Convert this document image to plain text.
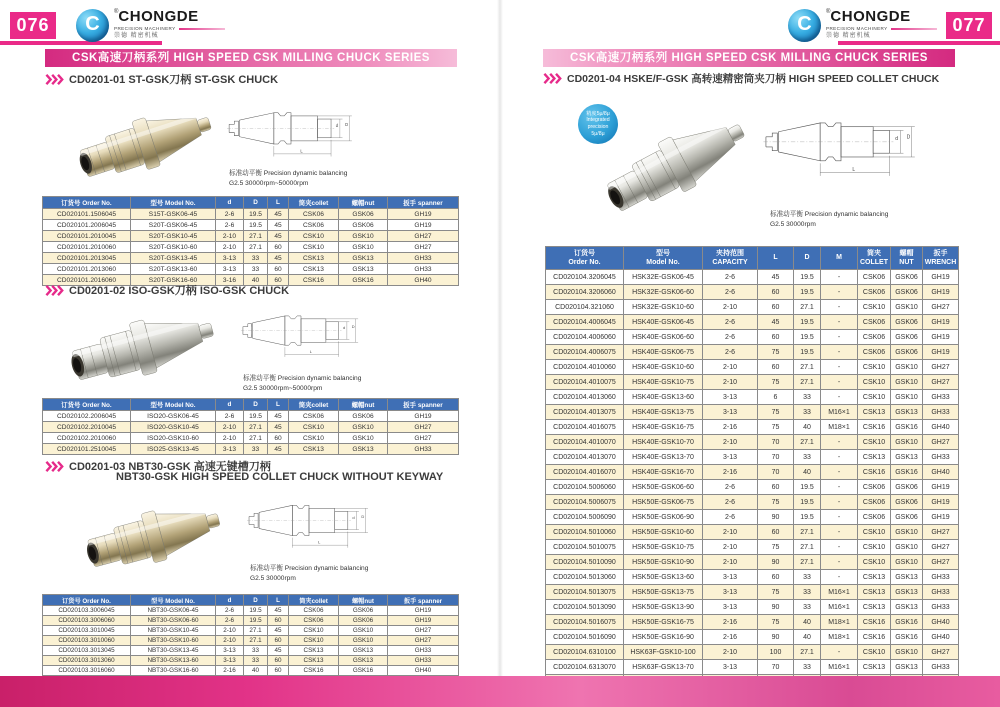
076	C
®CHONGDE
PRECISION MACHINERY
崇德 精密机械
CSK高速刀柄系列 HIGH SPEED CSK MILLING CHUCK SERIES
CD0201-01 ST-GSK刀柄 ST-GSK CHUCK
d D
L
标准动平衡 Precision dynamic balancing
G2.5 30000rpm~50000rpm
订货号 Order No.	型号 Model No.	d	D	L	筒夹collet	螺帽nut	扳手 spanner

CD020101.1506045	S15T-GSK06-45	2-6	19.5	45	CSK06	GSK06	GH19
CD020101.2006045	S20T-GSK06-45	2-6	19.5	45	CSK06	GSK06	GH19
CD020101.2010045	S20T-GSK10-45	2-10	27.1	45	CSK10	GSK10	GH27
CD020101.2010060	S20T-GSK10-60	2-10	27.1	60	CSK10	GSK10	GH27
CD020101.2013045	S20T-GSK13-45	3-13	33	45	CSK13	GSK13	GH33
CD020101.2013060	S20T-GSK13-60	3-13	33	60	CSK13	GSK13	GH33
CD020101.2016060	S20T-GSK16-60	3-16	40	60	CSK16	GSK16	GH40
CD0201-02 ISO-GSK刀柄 ISO-GSK CHUCK
d D
L
标准动平衡 Precision dynamic balancing
G2.5 30000rpm~50000rpm
订货号 Order No.	型号 Model No.	d	D	L	筒夹collet	螺帽nut	扳手 spanner

CD020102.2006045	ISO20-GSK06-45	2-6	19.5	45	CSK06	GSK06	GH19
CD020102.2010045	ISO20-GSK10-45	2-10	27.1	45	CSK10	GSK10	GH27
CD020102.2010060	ISO20-GSK10-60	2-10	27.1	60	CSK10	GSK10	GH27
CD020101.2510045	ISO25-GSK13-45	3-13	33	45	CSK13	GSK13	GH33
CD0201-03 NBT30-GSK 高速无键槽刀柄
NBT30-GSK HIGH SPEED COLLET CHUCK WITHOUT KEYWAY
d D
L
标准动平衡 Precision dynamic balancing
G2.5 30000rpm
订货号 Order No.	型号 Model No.	d	D	L	筒夹collet	螺帽nut	扳手 spanner

CD020103.3006045	NBT30-GSK06-45	2-6	19.5	45	CSK06	GSK06	GH19
CD020103.3006060	NBT30-GSK06-60	2-6	19.5	60	CSK06	GSK06	GH19
CD020103.3010045	NBT30-GSK10-45	2-10	27.1	45	CSK10	GSK10	GH27
CD020103.3010060	NBT30-GSK10-60	2-10	27.1	60	CSK10	GSK10	GH27
CD020103.3013045	NBT30-GSK13-45	3-13	33	45	CSK13	GSK13	GH33
CD020103.3013060	NBT30-GSK13-60	3-13	33	60	CSK13	GSK13	GH33
CD020103.3016060	NBT30-GSK16-60	2-16	40	60	CSK16	GSK16	GH40
077
C
®CHONGDE
PRECISION MACHINERY
崇德 精密机械
CSK高速刀柄系列 HIGH SPEED CSK MILLING CHUCK SERIES
CD0201-04 HSKE/F-GSK 高转速精密筒夹刀柄 HIGH SPEED COLLET CHUCK
精度5μ/8μ
Integrated
precision
5μ/8μ
d D
L
标准动平衡 Precision dynamic balancing
G2.5 30000rpm
订货号
Order No.

型号
Model No.

夹持范围
CAPACITY

L	D	M

筒夹
COLLET

螺帽
NUT

扳手
WRENCH

CD020104.3206045	HSK32E-GSK06-45	2-6	45	19.5	-	CSK06	GSK06	GH19
CD020104.3206060	HSK32E-GSK06-60	2-6	60	19.5	-	CSK06	GSK06	GH19
CD020104.321060	HSK32E-GSK10-60	2-10	60	27.1	-	CSK10	GSK10	GH27
CD020104.4006045	HSK40E-GSK06-45	2-6	45	19.5	-	CSK06	GSK06	GH19
CD020104.4006060	HSK40E-GSK06-60	2-6	60	19.5	-	CSK06	GSK06	GH19
CD020104.4006075	HSK40E-GSK06-75	2-6	75	19.5	-	CSK06	GSK06	GH19
CD020104.4010060	HSK40E-GSK10-60	2-10	60	27.1	-	CSK10	GSK10	GH27
CD020104.4010075	HSK40E-GSK10-75	2-10	75	27.1	-	CSK10	GSK10	GH27
CD020104.4013060	HSK40E-GSK13-60	3-13	6	33	-	CSK10	GSK10	GH33
CD020104.4013075	HSK40E-GSK13-75	3-13	75	33	M16×1	CSK13	GSK13	GH33
CD020104.4016075	HSK40E-GSK16-75	2-16	75	40	M18×1	CSK16	GSK16	GH40
CD020104.4010070	HSK40E-GSK10-70	2-10	70	27.1	-	CSK10	GSK10	GH27
CD020104.4013070	HSK40E-GSK13-70	3-13	70	33	-	CSK13	GSK13	GH33
CD020104.4016070	HSK40E-GSK16-70	2-16	70	40	-	CSK16	GSK16	GH40
CD020104.5006060	HSK50E-GSK06-60	2-6	60	19.5	-	CSK06	GSK06	GH19
CD020104.5006075	HSK50E-GSK06-75	2-6	75	19.5	-	CSK06	GSK06	GH19
CD020104.5006090	HSK50E-GSK06-90	2-6	90	19.5	-	CSK06	GSK06	GH19
CD020104.5010060	HSK50E-GSK10-60	2-10	60	27.1	-	CSK10	GSK10	GH27
CD020104.5010075	HSK50E-GSK10-75	2-10	75	27.1	-	CSK10	GSK10	GH27
CD020104.5010090	HSK50E-GSK10-90	2-10	90	27.1	-	CSK10	GSK10	GH27
CD020104.5013060	HSK50E-GSK13-60	3-13	60	33	-	CSK13	GSK13	GH33
CD020104.5013075	HSK50E-GSK13-75	3-13	75	33	M16×1	CSK13	GSK13	GH33
CD020104.5013090	HSK50E-GSK13-90	3-13	90	33	M16×1	CSK13	GSK13	GH33
CD020104.5016075	HSK50E-GSK16-75	2-16	75	40	M18×1	CSK16	GSK16	GH40
CD020104.5016090	HSK50E-GSK16-90	2-16	90	40	M18×1	CSK16	GSK16	GH40
CD020104.6310100	HSK63F-GSK10-100	2-10	100	27.1	-	CSK10	GSK10	GH27
CD020104.6313070	HSK63F-GSK13-70	3-13	70	33	M16×1	CSK13	GSK13	GH33
